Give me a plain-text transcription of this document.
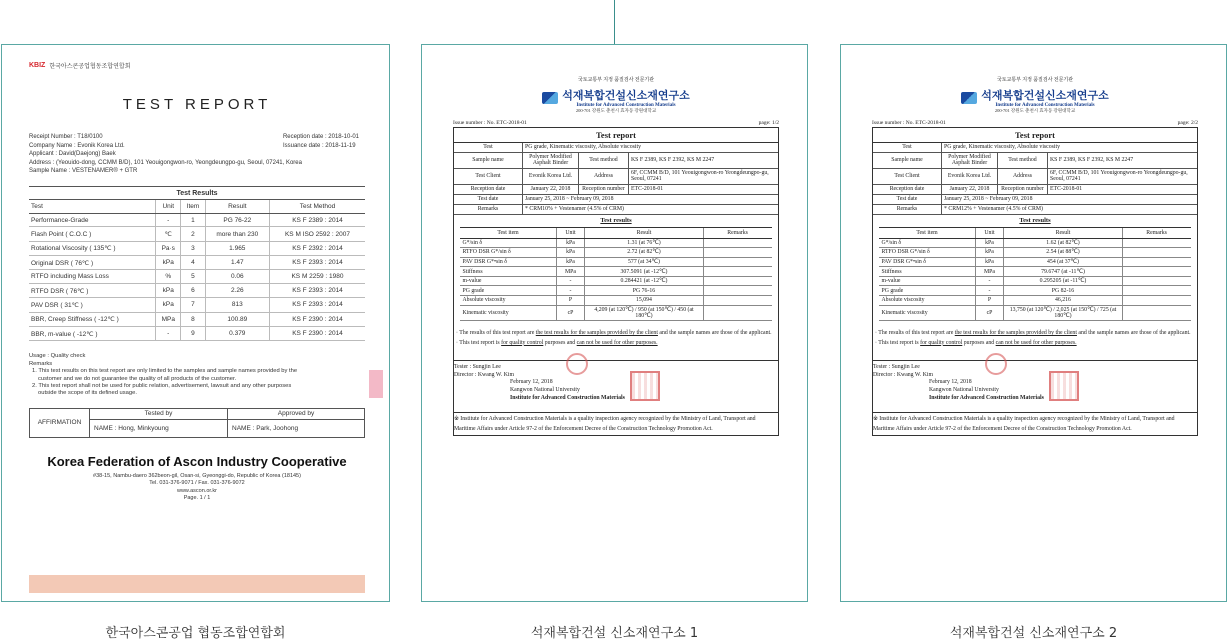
KBIZ 한국아스콘공업협동조합연합회
TEST REPORT
Receipt Number : T18/0100
Company Name : Evonik Korea Ltd.
Applicant : David(Daejong) Baek
Address : (Yeouido-dong, CCMM B/D), 101 Yeouigongwon-ro, Yeongdeungpo-gu, Seoul, 07241, Korea
Sample Name : VESTENAMER® + GTR
Reception date : 2018-10-01
Issuance date : 2018-11-19
Test Results
Test	Unit	Item	Result	Test Method
Performance-Grade	-	1	PG 76-22	KS F 2389 : 2014
Flash Point ( C.O.C )	℃	2	more than 230	KS M ISO 2592 : 2007
Rotational Viscosity ( 135℃ )	Pa·s	3	1.965	KS F 2392 : 2014
Original DSR ( 76℃ )	kPa	4	1.47	KS F 2393 : 2014
RTFO including Mass Loss	%	5	0.06	KS M 2259 : 1980
RTFO DSR ( 76℃ )	kPa	6	2.26	KS F 2393 : 2014
PAV DSR ( 31℃ )	kPa	7	813	KS F 2393 : 2014
BBR, Creep Stiffness ( -12℃ )	MPa	8	100.89	KS F 2390 : 2014
BBR, m-value ( -12℃ )	-	9	0.379	KS F 2390 : 2014
Usage : Quality check
Remarks
1. This test results on this test report are only limited to the samples and sample names provided by the
customer and we do not guarantee the quality of all products of the customer.
2. This test report shall not be used for public relation, advertisement, lawsuit and any other purposes
outside the scope of its defined usage.
AFFIRMATION
Tested by
NAME : Hong, Minkyoung
Approved by
NAME : Park, Joohong
Korea Federation of Ascon Industry Cooperative
#38-15, Nambu-daero 362beon-gil, Osan-si, Gyeonggi-do, Republic of Korea (18145)
Tel. 031-376-9071 / Fax. 031-376-9072
www.ascon.or.kr
Page. 1 / 1
국토교통부 지정 품질검사 전문기관
석재복합건설신소재연구소
Institute for Advanced Construction Materials
200-701 강원도 춘천시 효자동 강원대학교
Issue number : No. ETC-2018-01	page: 1/2
Test report
Test	PG grade, Kinematic viscosity, Absolute viscosity
Sample name	Polymer Modified Asphalt Binder	Test method	KS F 2389, KS F 2392, KS M 2247
Test Client	Evonik Korea Ltd.	Address	6F, CCMM B/D, 101 Yeouigongwon-ro Yeongdeungpo-gu, Seoul, 07241
Reception date	January 22, 2018	Reception number	ETC-2018-01
Test date	January 25, 2018 ~ February 09, 2018
Remarks	* CRM10% + Vestenamer (4.5% of CRM)
Test results
Test item	Unit	Result	Remarks
G*/sin δ	kPa	1.31 (at 76℃)	
RTFO DSR G*/sin δ	kPa	2.72 (at 82℃)	
PAV DSR G*•sin δ	kPa	577 (at 34℃)	
Stiffness	MPa	307.5091 (at -12℃)	
m-value	-	0.284421 (at -12℃)	
PG grade	-	PG 76-16	
Absolute viscosity	P	15,094	
Kinematic viscosity	cP	4,209 (at 120℃) / 950 (at 150℃) / 450 (at 180℃)	
· The results of this test report are the test results for the samples provided by the client and the sample names are those of the applicant.
· This test report is for quality control purposes and can not be used for other purposes.
Tester : Sungjin Lee
Director : Kwang W. Kim
February 12, 2018
Kangwon National University
Institute for Advanced Construction Materials
※ Institute for Advanced Construction Materials is a quality inspection agency recognized by the Ministry of Land, Transport and Maritime Affairs under Article 97-2 of the Enforcement Decree of the Construction Technology Promotion Act.
국토교통부 지정 품질검사 전문기관
석재복합건설신소재연구소
Institute for Advanced Construction Materials
200-701 강원도 춘천시 효자동 강원대학교
Issue number : No. ETC-2018-01	page: 2/2
Test report
Test	PG grade, Kinematic viscosity, Absolute viscosity
Sample name	Polymer Modified Asphalt Binder	Test method	KS F 2389, KS F 2392, KS M 2247
Test Client	Evonik Korea Ltd.	Address	6F, CCMM B/D, 101 Yeouigongwon-ro Yeongdeungpo-gu, Seoul, 07241
Reception date	January 22, 2018	Reception number	ETC-2018-01
Test date	January 25, 2018 ~ February 09, 2018
Remarks	* CRM12% + Vestenamer (4.5% of CRM)
Test results
Test item	Unit	Result	Remarks
G*/sin δ	kPa	1.62 (at 82℃)	
RTFO DSR G*/sin δ	kPa	2.54 (at 88℃)	
PAV DSR G*•sin δ	kPa	454 (at 37℃)	
Stiffness	MPa	79.6747 (at -11℃)	
m-value	-	0.295205 (at -11℃)	
PG grade	-	PG 82-16	
Absolute viscosity	P	46,216	
Kinematic viscosity	cP	13,750 (at 120℃) / 2,025 (at 150℃) / 725 (at 180℃)	
· The results of this test report are the test results for the samples provided by the client and the sample names are those of the applicant.
· This test report is for quality control purposes and can not be used for other purposes.
Tester : Sungjin Lee
Director : Kwang W. Kim
February 12, 2018
Kangwon National University
Institute for Advanced Construction Materials
※ Institute for Advanced Construction Materials is a quality inspection agency recognized by the Ministry of Land, Transport and Maritime Affairs under Article 97-2 of the Enforcement Decree of the Construction Technology Promotion Act.
한국아스콘공업 협동조합연합회	석재복합건설 신소재연구소 1	석재복합건설 신소재연구소 2
